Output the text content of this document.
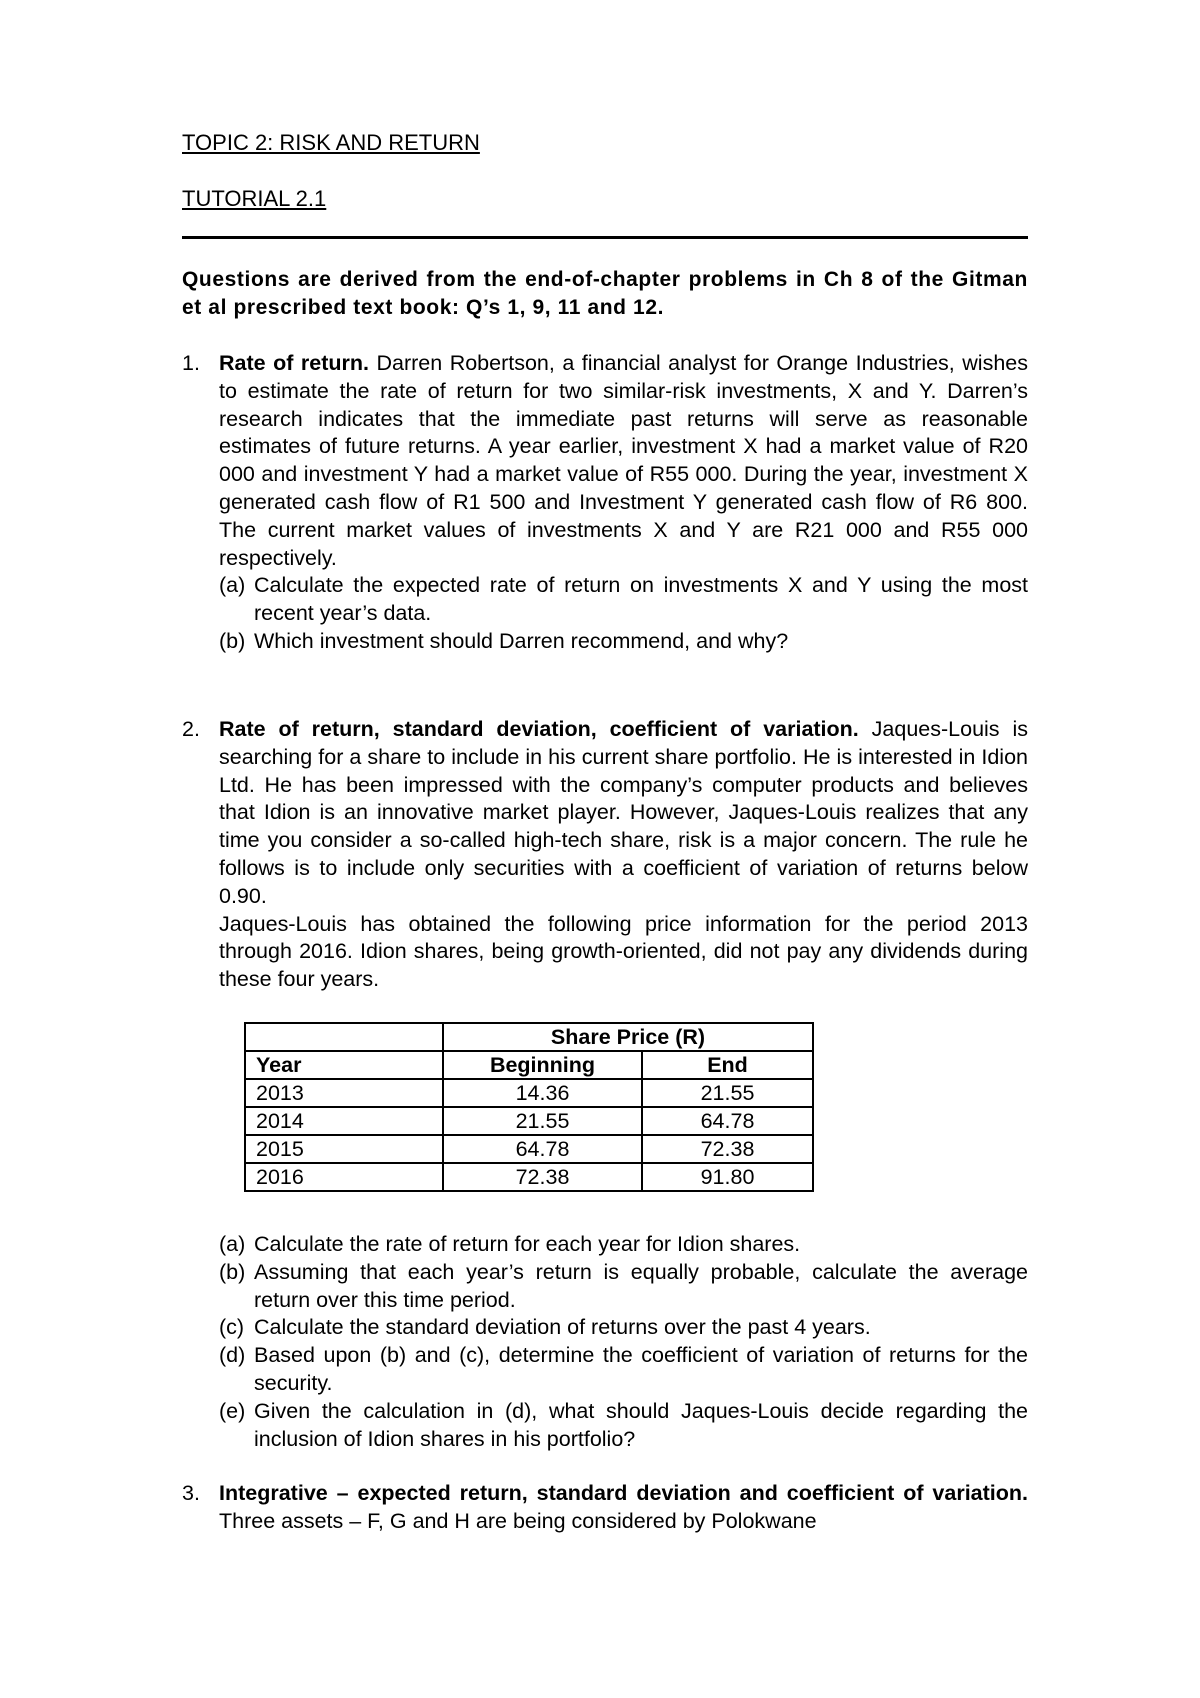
TOPIC 2: RISK AND RETURN
TUTORIAL 2.1
Questions are derived from the end-of-chapter problems in Ch 8 of the Gitman et al prescribed text book: Q’s 1, 9, 11 and 12.
1. Rate of return. Darren Robertson, a financial analyst for Orange Industries, wishes to estimate the rate of return for two similar-risk investments, X and Y. Darren’s research indicates that the immediate past returns will serve as reasonable estimates of future returns. A year earlier, investment X had a market value of R20 000 and investment Y had a market value of R55 000. During the year, investment X generated cash flow of R1 500 and Investment Y generated cash flow of R6 800. The current market values of investments X and Y are R21 000 and R55 000 respectively.
(a) Calculate the expected rate of return on investments X and Y using the most recent year’s data.
(b) Which investment should Darren recommend, and why?
2. Rate of return, standard deviation, coefficient of variation. Jaques-Louis is searching for a share to include in his current share portfolio. He is interested in Idion Ltd. He has been impressed with the company’s computer products and believes that Idion is an innovative market player. However, Jaques-Louis realizes that any time you consider a so-called high-tech share, risk is a major concern. The rule he follows is to include only securities with a coefficient of variation of returns below 0.90.
Jaques-Louis has obtained the following price information for the period 2013 through 2016. Idion shares, being growth-oriented, did not pay any dividends during these four years.
	Share Price (R)	
Year	Beginning	End
2013	14.36	21.55
2014	21.55	64.78
2015	64.78	72.38
2016	72.38	91.80
(a) Calculate the rate of return for each year for Idion shares.
(b) Assuming that each year’s return is equally probable, calculate the average return over this time period.
(c) Calculate the standard deviation of returns over the past 4 years.
(d) Based upon (b) and (c), determine the coefficient of variation of returns for the security.
(e) Given the calculation in (d), what should Jaques-Louis decide regarding the inclusion of Idion shares in his portfolio?
3. Integrative – expected return, standard deviation and coefficient of variation. Three assets – F, G and H are being considered by Polokwane
